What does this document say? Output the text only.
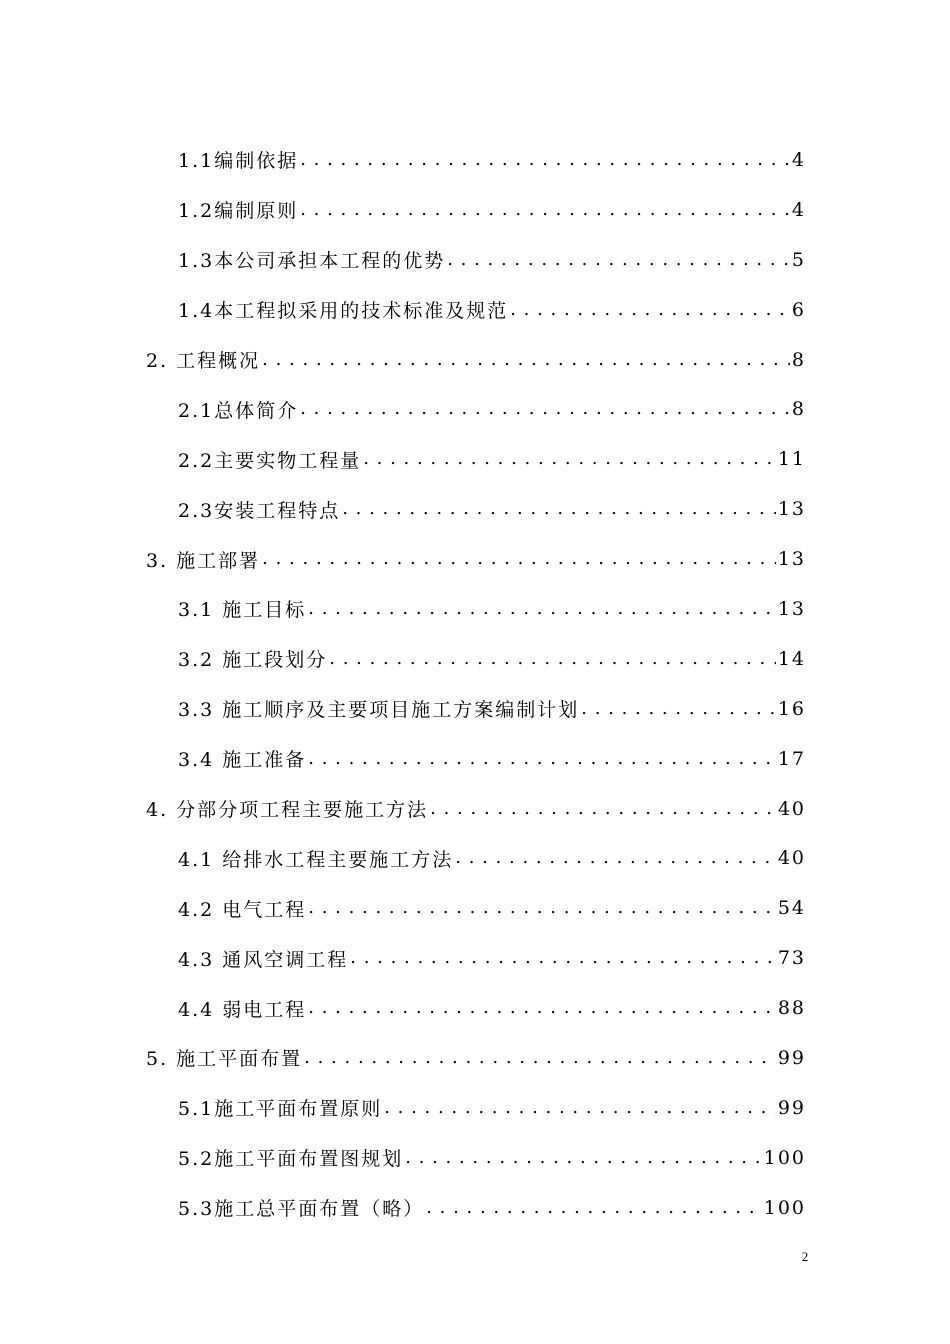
1.1编制依据 . . .	4
1.2编制原则 . . .	4
1.3本公司承担本工程的优势 . . .	5
1.4本工程拟采用的技术标准及规范 . . .	6
2. 工程概况 . . .	8
2.1总体简介 . . .	8
2.2主要实物工程量 . . .	11
2.3安装工程特点 . . .	13
3. 施工部署 . . .	13
3.1 施工目标 . . .	13
3.2 施工段划分 . . .	14
3.3 施工顺序及主要项目施工方案编制计划 . . .	16
3.4 施工准备 . . .	17
4. 分部分项工程主要施工方法 . . .	40
4.1 给排水工程主要施工方法 . . .	40
4.2 电气工程 . . .	54
4.3 通风空调工程 . . .	73
4.4 弱电工程 . . .	88
5. 施工平面布置 . . .	99
5.1施工平面布置原则 . . .	99
5.2施工平面布置图规划 . . .	100
5.3施工总平面布置（略） . . .	100
2
